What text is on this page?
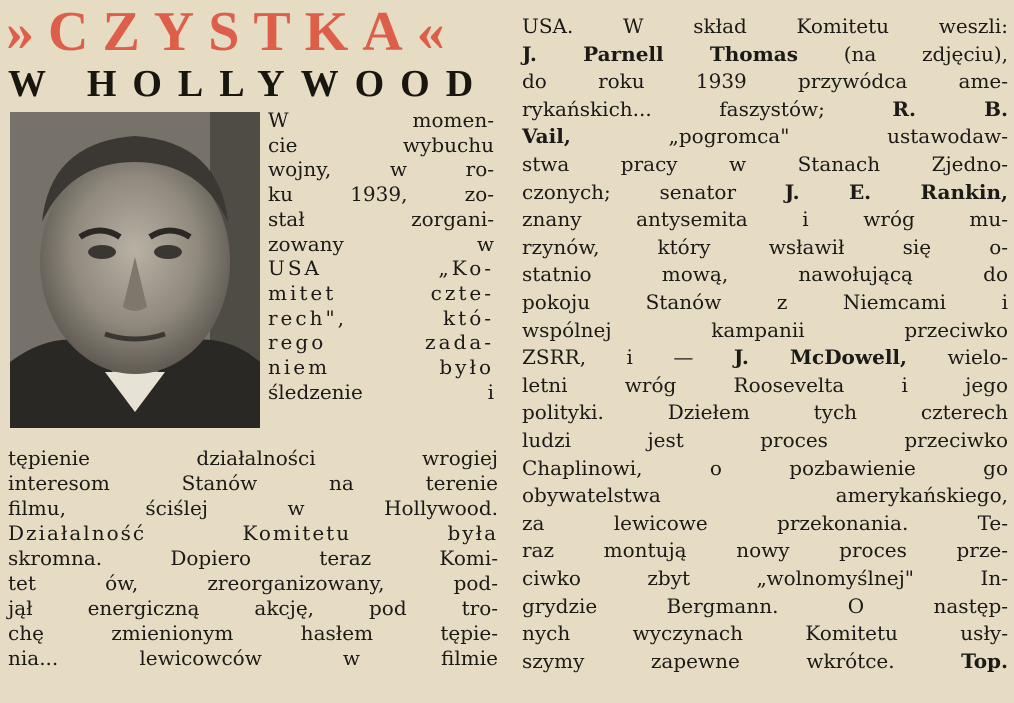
»CZYSTKA«
W HOLLYWOOD
W momen-
cie wybuchu
wojny, w ro-
ku 1939, zo-
stał zorgani-
zowany w
USA „Ko-
mitet czte-
rech", któ-
rego zada-
niem było
śledzenie i
tępienie działalności wrogiej
interesom Stanów na terenie
filmu, ściślej w Hollywood.
Działalność Komitetu była
skromna. Dopiero teraz Komi-
tet ów, zreorganizowany, pod-
jął energiczną akcję, pod tro-
chę zmienionym hasłem tępie-
nia... lewicowców w filmie
USA. W skład Komitetu weszli:
J. Parnell Thomas (na zdjęciu),
do roku 1939 przywódca ame-
rykańskich... faszystów; R. B.
Vail, „pogromca" ustawodaw-
stwa pracy w Stanach Zjedno-
czonych; senator J. E. Rankin,
znany antysemita i wróg mu-
rzynów, który wsławił się o-
statnio mową, nawołującą do
pokoju Stanów z Niemcami i
wspólnej kampanii przeciwko
ZSRR, i — J. McDowell, wielo-
letni wróg Roosevelta i jego
polityki. Dziełem tych czterech
ludzi jest proces przeciwko
Chaplinowi, o pozbawienie go
obywatelstwa amerykańskiego,
za lewicowe przekonania. Te-
raz montują nowy proces prze-
ciwko zbyt „wolnomyślnej" In-
grydzie Bergmann. O następ-
nych wyczynach Komitetu usły-
szymy zapewne wkrótce. Top.
